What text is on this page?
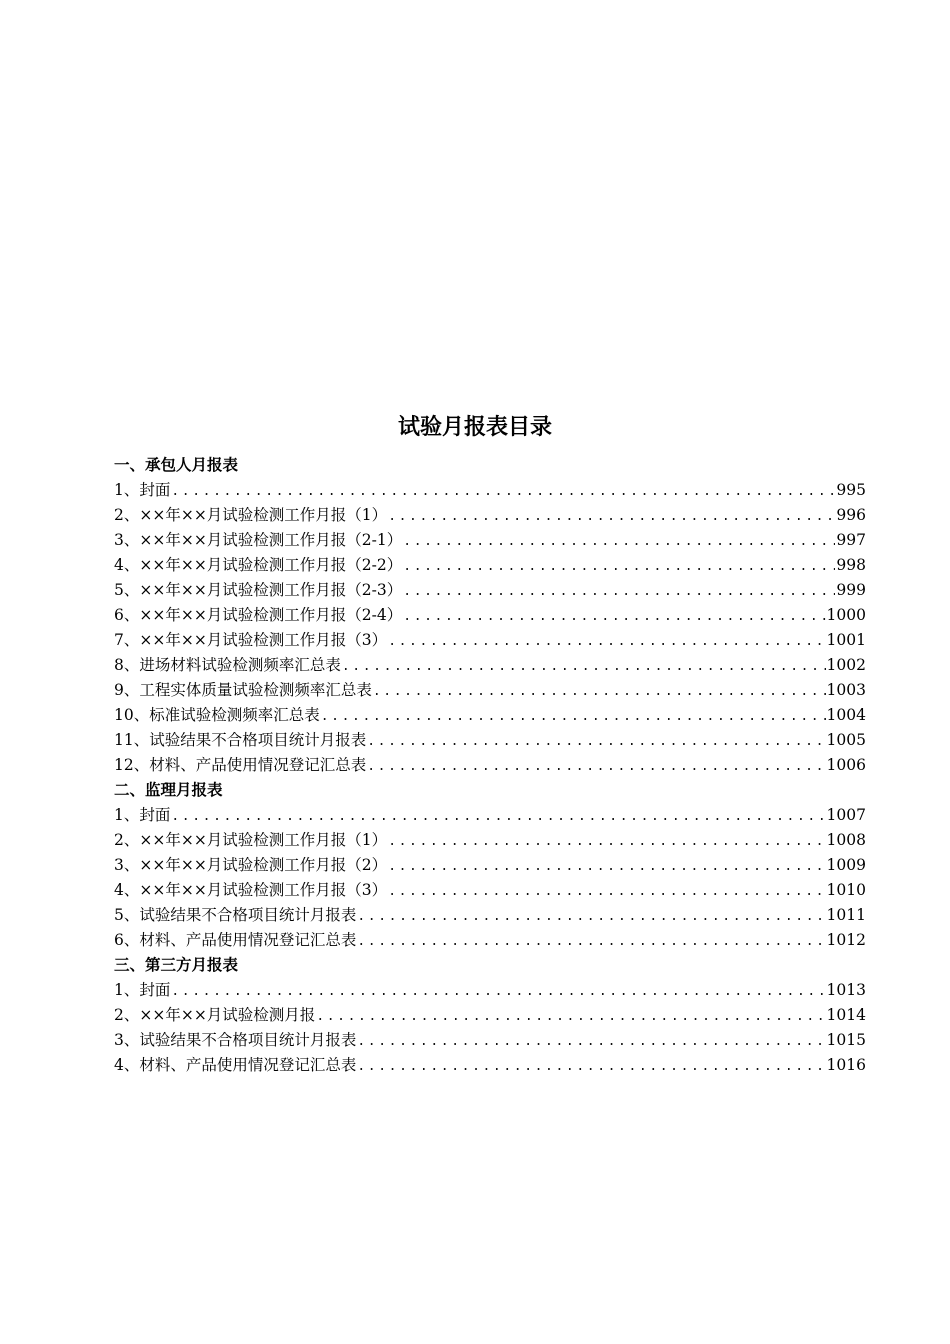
试验月报表目录
一、承包人月报表
1、封面 .....	995
2、××年××月试验检测工作月报（1） .....	996
3、××年××月试验检测工作月报（2-1） .....	997
4、××年××月试验检测工作月报（2-2） .....	998
5、××年××月试验检测工作月报（2-3） .....	999
6、××年××月试验检测工作月报（2-4） .....	1000
7、××年××月试验检测工作月报（3） .....	1001
8、进场材料试验检测频率汇总表 .....	1002
9、工程实体质量试验检测频率汇总表 .....	1003
10、标准试验检测频率汇总表 .....	1004
11、试验结果不合格项目统计月报表 .....	1005
12、材料、产品使用情况登记汇总表 .....	1006
二、监理月报表
1、封面 .....	1007
2、××年××月试验检测工作月报（1） .....	1008
3、××年××月试验检测工作月报（2） .....	1009
4、××年××月试验检测工作月报（3） .....	1010
5、试验结果不合格项目统计月报表 .....	1011
6、材料、产品使用情况登记汇总表 .....	1012
三、第三方月报表
1、封面 .....	1013
2、××年××月试验检测月报 .....	1014
3、试验结果不合格项目统计月报表 .....	1015
4、材料、产品使用情况登记汇总表 .....	1016
